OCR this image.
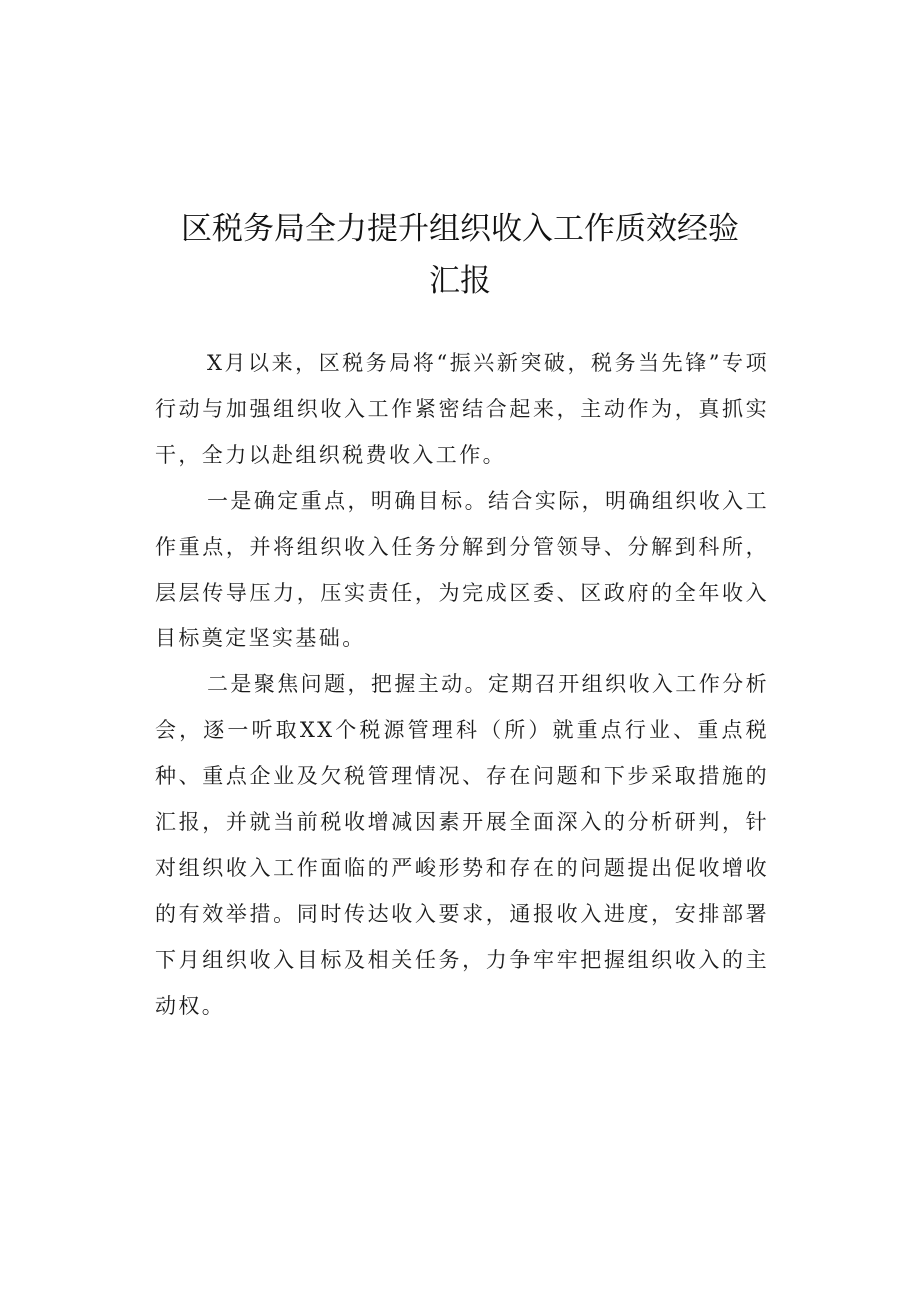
区税务局全力提升组织收入工作质效经验汇报

X月以来，区税务局将“振兴新突破，税务当先锋”专项行动与加强组织收入工作紧密结合起来，主动作为，真抓实干，全力以赴组织税费收入工作。

一是确定重点，明确目标。结合实际，明确组织收入工作重点，并将组织收入任务分解到分管领导、分解到科所，层层传导压力，压实责任，为完成区委、区政府的全年收入目标奠定坚实基础。

二是聚焦问题，把握主动。定期召开组织收入工作分析会，逐一听取XX个税源管理科（所）就重点行业、重点税种、重点企业及欠税管理情况、存在问题和下步采取措施的汇报，并就当前税收增减因素开展全面深入的分析研判，针对组织收入工作面临的严峻形势和存在的问题提出促收增收的有效举措。同时传达收入要求，通报收入进度，安排部署下月组织收入目标及相关任务，力争牢牢把握组织收入的主动权。
